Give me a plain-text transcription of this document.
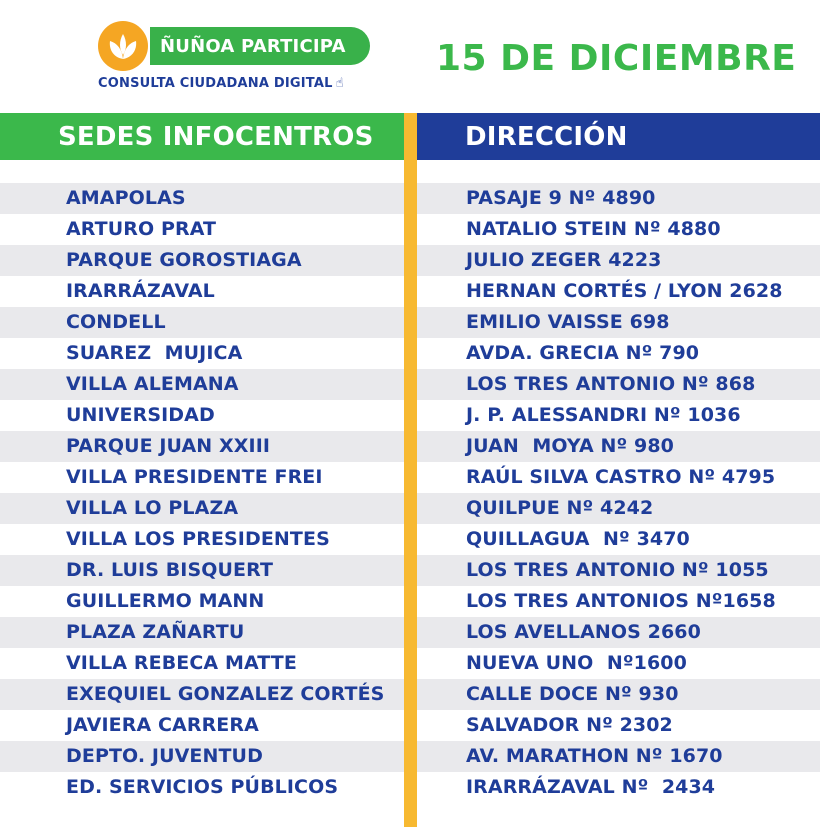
ÑUÑOA PARTICIPA
CONSULTA CIUDADANA DIGITAL ☝
15 DE DICIEMBRE
SEDES INFOCENTROS	DIRECCIÓN
AMAPOLAS	PASAJE 9 Nº 4890
ARTURO PRAT	NATALIO STEIN Nº 4880
PARQUE GOROSTIAGA	JULIO ZEGER 4223
IRARRÁZAVAL	HERNAN CORTÉS / LYON 2628
CONDELL	EMILIO VAISSE 698
SUAREZ  MUJICA	AVDA. GRECIA Nº 790
VILLA ALEMANA	LOS TRES ANTONIO Nº 868
UNIVERSIDAD	J. P. ALESSANDRI Nº 1036
PARQUE JUAN XXIII	JUAN  MOYA Nº 980
VILLA PRESIDENTE FREI	RAÚL SILVA CASTRO Nº 4795
VILLA LO PLAZA	QUILPUE Nº 4242
VILLA LOS PRESIDENTES	QUILLAGUA  Nº 3470
DR. LUIS BISQUERT	LOS TRES ANTONIO Nº 1055
GUILLERMO MANN	LOS TRES ANTONIOS Nº1658
PLAZA ZAÑARTU	LOS AVELLANOS 2660
VILLA REBECA MATTE	NUEVA UNO  Nº1600
EXEQUIEL GONZALEZ CORTÉS	CALLE DOCE Nº 930
JAVIERA CARRERA	SALVADOR Nº 2302
DEPTO. JUVENTUD	AV. MARATHON Nº 1670
ED. SERVICIOS PÚBLICOS	IRARRÁZAVAL Nº  2434
